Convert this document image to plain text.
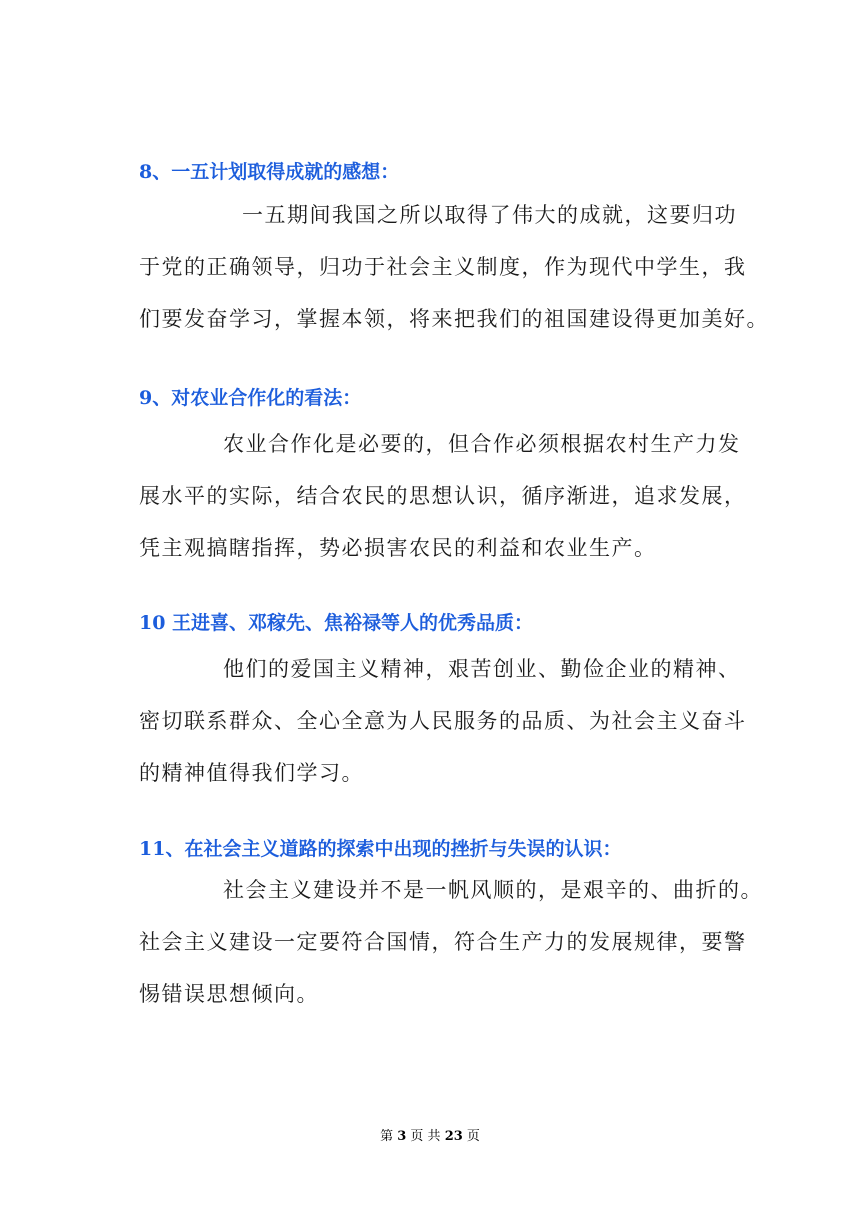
8、一五计划取得成就的感想：
一五期间我国之所以取得了伟大的成就，这要归功
于党的正确领导，归功于社会主义制度，作为现代中学生，我
们要发奋学习，掌握本领，将来把我们的祖国建设得更加美好。
9、对农业合作化的看法：
农业合作化是必要的，但合作必须根据农村生产力发
展水平的实际，结合农民的思想认识，循序渐进，追求发展，
凭主观搞瞎指挥，势必损害农民的利益和农业生产。
10 王进喜、邓稼先、焦裕禄等人的优秀品质：
他们的爱国主义精神，艰苦创业、勤俭企业的精神、
密切联系群众、全心全意为人民服务的品质、为社会主义奋斗
的精神值得我们学习。
11、在社会主义道路的探索中出现的挫折与失误的认识：
社会主义建设并不是一帆风顺的，是艰辛的、曲折的。
社会主义建设一定要符合国情，符合生产力的发展规律，要警
惕错误思想倾向。
第 3 页 共 23 页
